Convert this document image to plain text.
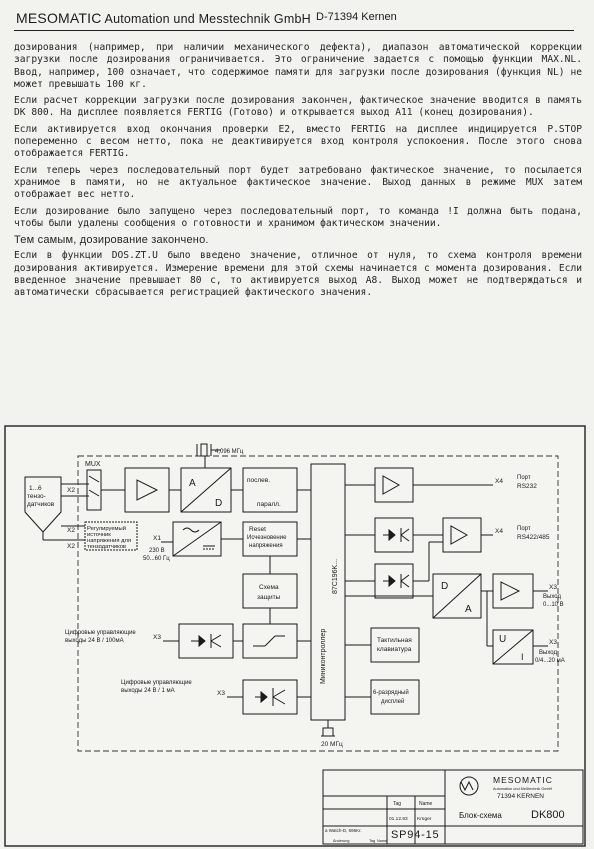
MESOMATIC Automation und Messtechnik GmbH D-71394 Kernen

дозирования (например, при наличии механического дефекта), диапазон автоматической коррекции загрузки после дозирования ограничивается. Это ограничение задается с помощью функции MAX.NL. Ввод, например, 100 означает, что содержимое памяти для загрузки после дозирования (функция NL) не может превышать 100 кг.

Если расчет коррекции загрузки после дозирования закончен, фактическое значение вводится в память DK 800. На дисплее появляется FERTIG (Готово) и открывается выход A11 (конец дозирования).

Если активируется вход окончания проверки E2, вместо FERTIG на дисплее индицируется P.STOP попеременно с весом нетто, пока не деактивируется вход контроля успокоения. После этого снова отображается FERTIG.

Если теперь через последовательный порт будет затребовано фактическое значение, то посылается хранимое в памяти, но не актуальное фактическое значение. Выход данных в режиме MUX затем отображает вес нетто.

Если дозирование было запущено через последовательный порт, то команда !I должна быть подана, чтобы были удалены сообщения о готовности и хранимом фактическом значении.

Тем самым, дозирование закончено.

Если в функции DOS.ZT.U было введено значение, отличное от нуля, то схема контроля времени дозирования активируется. Измерение времени для этой схемы начинается с момента дозирования. Если введенное значение превышает 80 с, то активируется выход A8. Выход может не подтверждаться и автоматически сбрасывается регистрацией фактического значения.

1...6
тензо-
датчиков
MUX
X2
4,096 МГц
A
D
послев.
паралл.
Регулируемый
источник
напряжения для
тензодатчиков
X2
X2
X1
230 В
50...60 Гц
Reset
Исчезновение
напряжения
Схема
защиты
Миниконтроллер
87C196K...
20 МГц
Тактильная
клавиатура
6-разрядный
дисплей
Цифровые управляющие
выходы 24 В / 100мА	X3
Цифровые управляющие
выходы 24 В / 1 мА	X3
X4 Порт
RS232
X4 Порт
RS422/485
D
A
U
I
X3
Выход
0...10 В
X3
Выход
0/4...20 мА
MESOMATIC
Automation und Meßtechnik GmbH
71394 KERNEN
Tag	Name
01.12.93 Krüger
a Watch-D, 695Kr.
Änderung	Tag Name SP94-15
Блок-схема	DK800
